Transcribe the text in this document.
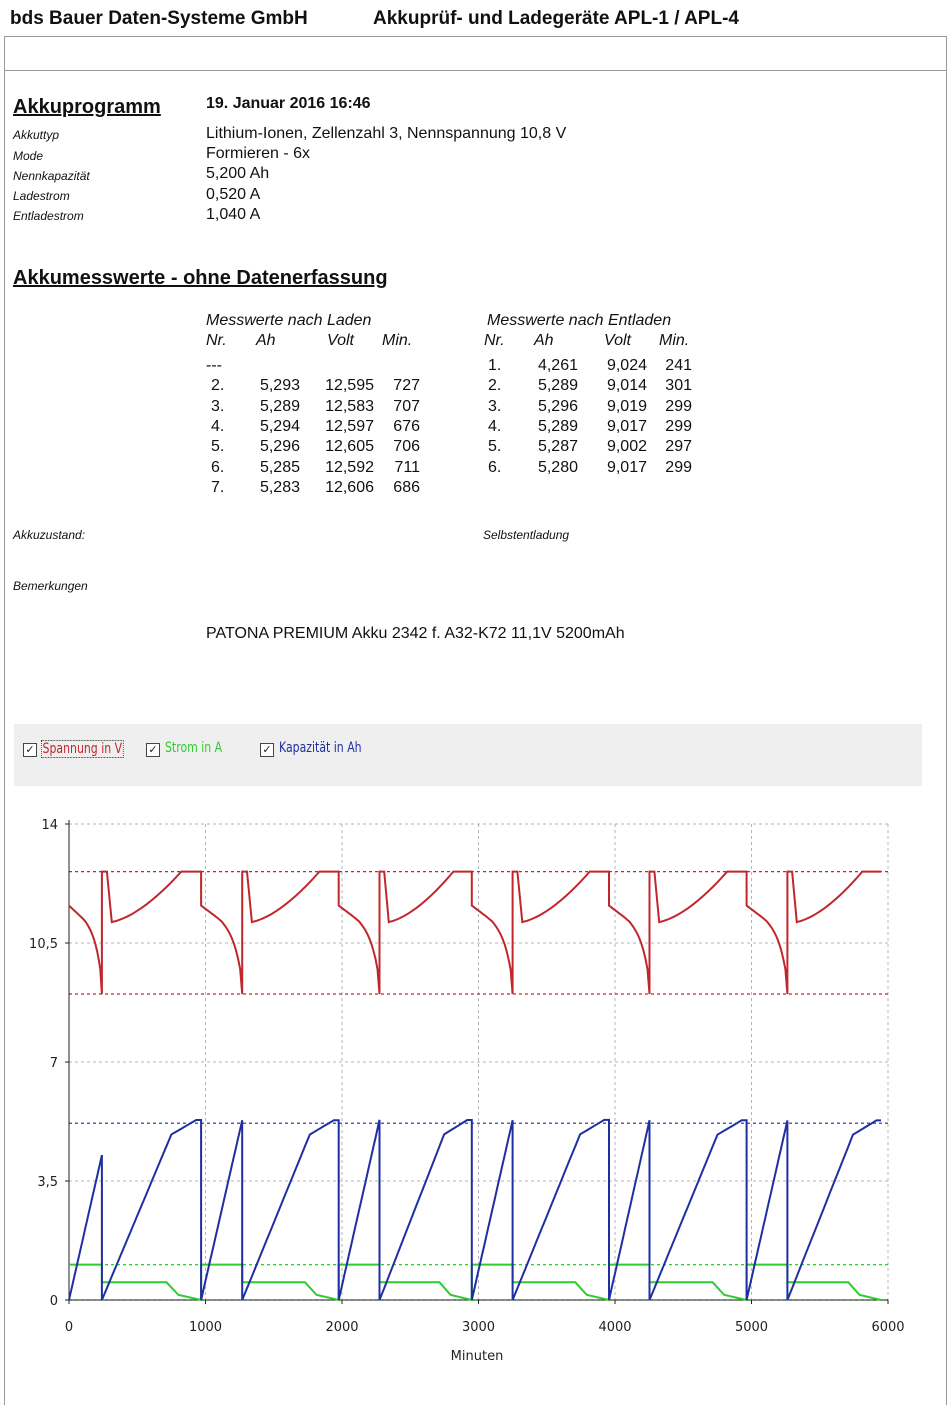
bds Bauer Daten-Systeme GmbH	Akkuprüf- und Ladegeräte APL-1 / APL-4
Akkuprogramm	19. Januar 2016 16:46
Akkuttyp	Lithium-Ionen, Zellenzahl 3, Nennspannung 10,8 V
Mode	Formieren - 6x
Nennkapazität	5,200 Ah
Ladestrom	0,520 A
Entladestrom	1,040 A
Akkumesswerte - ohne Datenerfassung
Messwerte nach Laden
Nr. Ah	Volt Min.
Messwerte nach Entladen
Nr. Ah	Volt Min.
---
2.	5,293	12,595	727
3.	5,289	12,583	707
4.	5,294	12,597	676
5.	5,296	12,605	706
6.	5,285	12,592	711
7.	5,283	12,606	686
1.	4,261	9,024	241
2.	5,289	9,014	301
3.	5,296	9,019	299
4.	5,289	9,017	299
5.	5,287	9,002	297
6.	5,280	9,017	299
Akkuzustand:	Selbstentladung
Bemerkungen
PATONA PREMIUM Akku 2342 f. A32-K72 11,1V 5200mAh
✓ Spannung in V ✓ Strom in A	✓ Kapazität in Ah
0	1000	2000	3000	4000	5000	6000
0
3,5
7
10,5
14
Minuten
